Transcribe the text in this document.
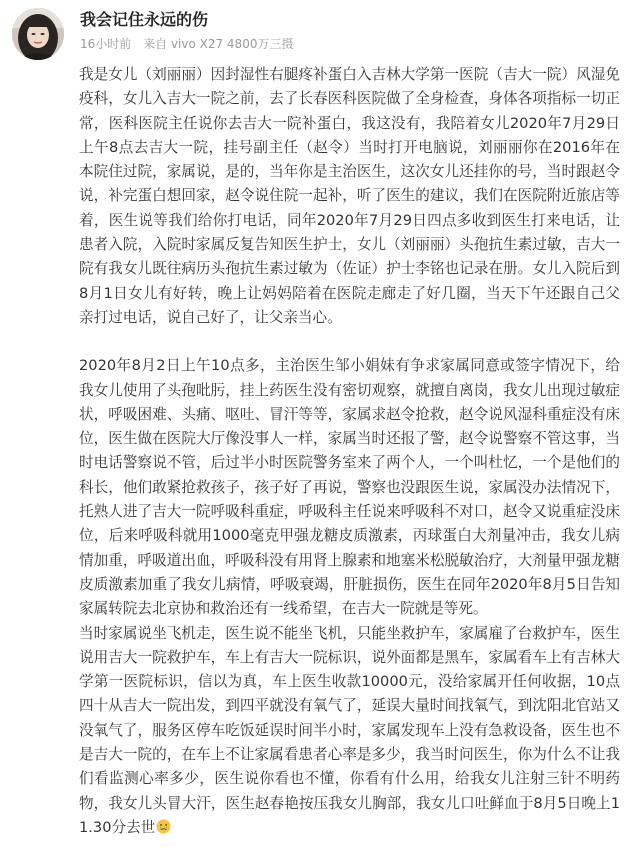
我会记住永远的伤
16小时前 来自 vivo X27 4800万三摄

我是女儿（刘丽丽）因封湿性右腿疼补蛋白入吉林大学第一医院（吉大一院）风湿免疫科，女儿入吉大一院之前，去了长春医科医院做了全身检查，身体各项指标一切正常，医科医院主任说你去吉大一院补蛋白，我这没有，我陪着女儿2020年7月29日上午8点去吉大一院，挂号副主任（赵令）当时打开电脑说，刘丽丽你在2016年在本院住过院，家属说，是的，当年你是主治医生，这次女儿还挂你的号，当时跟赵令说，补完蛋白想回家，赵令说住院一起补，听了医生的建议，我们在医院附近旅店等着，医生说等我们给你打电话，同年2020年7月29日四点多收到医生打来电话，让患者入院，入院时家属反复告知医生护士，女儿（刘丽丽）头孢抗生素过敏，吉大一院有我女儿既往病历头孢抗生素过敏为（佐证）护士李铭也记录在册。女儿入院后到8月1日女儿有好转，晚上让妈妈陪着在医院走廊走了好几圈，当天下午还跟自己父亲打过电话，说自己好了，让父亲当心。

2020年8月2日上午10点多，主治医生邹小娟妹有争求家属同意或签字情况下，给我女儿使用了头孢吡肟，挂上药医生没有密切观察，就擅自离岗，我女儿出现过敏症状，呼吸困难、头痛、呕吐、冒汗等等，家属求赵令抢救，赵令说风湿科重症没有床位，医生做在医院大厅像没事人一样，家属当时还报了警，赵令说警察不管这事，当时电话警察说不管，后过半小时医院警务室来了两个人，一个叫杜忆，一个是他们的科长，他们敢紧抢救孩子，孩子好了再说，警察也没跟医生说，家属没办法情况下，托熟人进了吉大一院呼吸科重症，呼吸科主任说来呼吸科不对口，赵令又说重症没床位，后来呼吸科就用1000毫克甲强龙糖皮质激素，丙球蛋白大剂量冲击，我女儿病情加重，呼吸道出血，呼吸科没有用肾上腺素和地塞米松脱敏治疗，大剂量甲强龙糖皮质激素加重了我女儿病情，呼吸衰竭，肝脏损伤，医生在同年2020年8月5日告知家属转院去北京协和救治还有一线希望，在吉大一院就是等死。

当时家属说坐飞机走，医生说不能坐飞机，只能坐救护车，家属雇了台救护车，医生说用吉大一院救护车，车上有吉大一院标识，说外面都是黑车，家属看车上有吉林大学第一医院标识，信以为真，车上医生收款10000元，没给家属开任何收据，10点四十从吉大一院出发，到四平就没有氧气了，延误大量时间找氧气，到沈阳北官站又没氧气了，服务区停车吃饭延误时间半小时，家属发现车上没有急救设备，医生也不是吉大一院的，在车上不让家属看患者心率是多少，我当时问医生，你为什么不让我们看监测心率多少，医生说你看也不懂，你看有什么用，给我女儿注射三针不明药物，我女儿头冒大汗，医生赵春艳按压我女儿胸部，我女儿口吐鲜血于8月5日晚上11.30分去世
